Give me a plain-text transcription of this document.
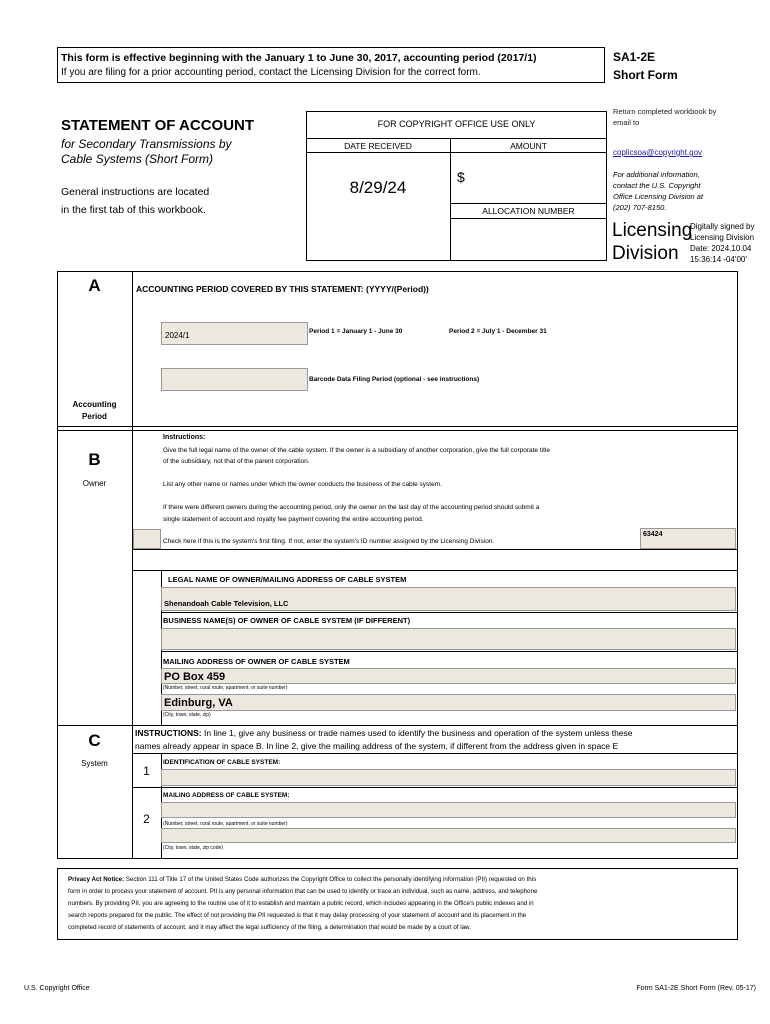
This form is effective beginning with the January 1 to June 30, 2017, accounting period (2017/1)
If you are filing for a prior accounting period, contact the Licensing Division for the correct form.
SA1-2E
Short Form
STATEMENT OF ACCOUNT
for Secondary Transmissions by
Cable Systems (Short Form)
General instructions are located
in the first tab of this workbook.
FOR COPYRIGHT OFFICE USE ONLY
DATE RECEIVED	AMOUNT
8/29/24
$
ALLOCATION NUMBER
Return completed workbook by
email to
coplicsoa@copyright.gov
For additional information,
contact the U.S. Copyright
Office Licensing Division at
(202) 707-8150.
Licensing
Division
Digitally signed by
Licensing Division
Date: 2024.10.04
15:36:14 -04'00'
A
Accounting
Period
ACCOUNTING PERIOD COVERED BY THIS STATEMENT: (YYYY/(Period))
2024/1	Period 1 = January 1 - June 30	Period 2 = July 1 - December 31
Barcode Data Filing Period (optional - see instructions)
B
Owner
Instructions:
Give the full legal name of the owner of the cable system. If the owner is a subsidiary of another corporation, give the full corporate title
of the subsidiary, not that of the parent corporation.
List any other name or names under which the owner conducts the business of the cable system.
If there were different owners during the accounting period, only the owner on the last day of the accounting period should submit a
single statement of account and royalty fee payment covering the entire accounting period.
Check here if this is the system's first filing. If not, enter the system's ID number assigned by the Licensing Division.
63424
LEGAL NAME OF OWNER/MAILING ADDRESS OF CABLE SYSTEM
Shenandoah Cable Television, LLC
BUSINESS NAME(S) OF OWNER OF CABLE SYSTEM (IF DIFFERENT)
MAILING ADDRESS OF OWNER OF CABLE SYSTEM
PO Box 459
(Number, street, rural route, apartment, or suite number)
Edinburg, VA
(City, town, state, zip)
C
System
INSTRUCTIONS: In line 1, give any business or trade names used to identify the business and operation of the system unless these
names already appear in space B. In line 2, give the mailing address of the system, if different from the address given in space E
1
IDENTIFICATION OF CABLE SYSTEM:
2
MAILING ADDRESS OF CABLE SYSTEM:
(Number, street, rural route, apartment, or suite number)
(City, town, state, zip code)
Privacy Act Notice: Section 111 of Title 17 of the United States Code authorizes the Copyright Office to collect the personally identifying information (PII) requested on this
form in order to process your statement of account. PII is any personal information that can be used to identify or trace an individual, such as name, address, and telephone
numbers. By providing PII, you are agreeing to the routine use of it to establish and maintain a public record, which includes appearing in the Office's public indexes and in
search reports prepared for the public. The effect of not providing the PII requested is that it may delay processing of your statement of account and its placement in the
completed record of statements of account, and it may affect the legal sufficiency of the filing, a determination that would be made by a court of law.
U.S. Copyright Office	Form SA1-2E Short Form (Rev. 05-17)
